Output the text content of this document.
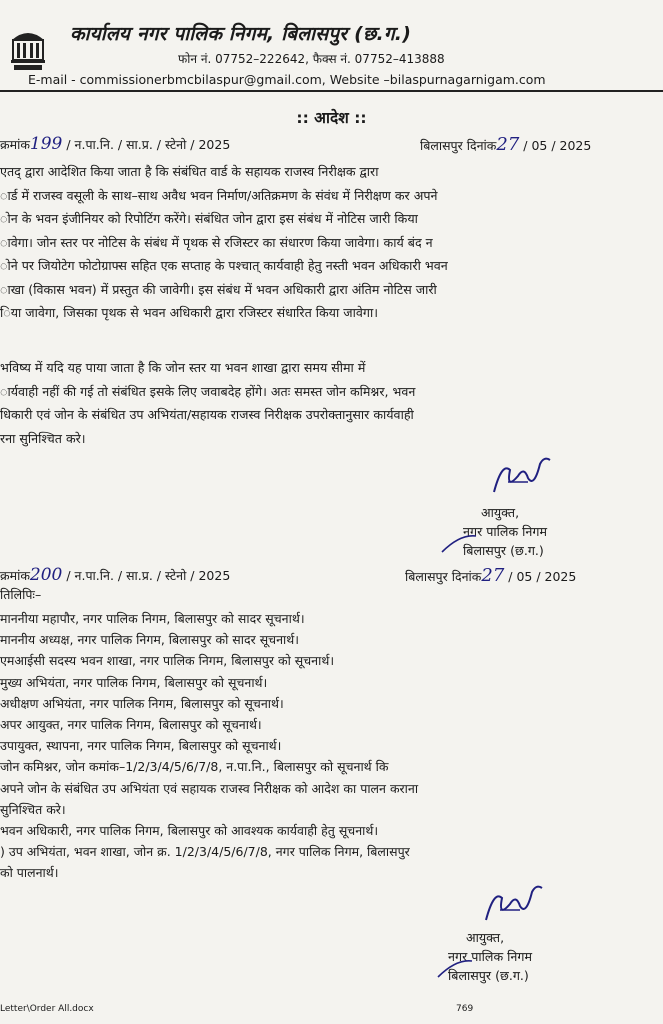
कार्यालय नगर पालिक निगम, बिलासपुर (छ.ग.)
फोन नं. 07752–222642, फैक्स नं. 07752–413888
E-mail - commissionerbmcbilaspur@gmail.com, Website –bilaspurnagarnigam.com
:: आदेश ::
क्रमांक199 / न.पा.नि. / सा.प्र. / स्टेनो / 2025	बिलासपुर दिनांक27 / 05 / 2025
एतद् द्वारा आदेशित किया जाता है कि संबंधित वार्ड के सहायक राजस्व निरीक्षक द्वारा
ार्ड में राजस्व वसूली के साथ–साथ अवैध भवन निर्माण/अतिक्रमण के संवंध में निरीक्षण कर अपने
ोन के भवन इंजीनियर को रिपोटिंग करेंगे। संबंधित जोन द्वारा इस संबंध में नोटिस जारी किया
ावेगा। जोन स्तर पर नोटिस के संबंध में पृथक से रजिस्टर का संधारण किया जावेगा। कार्य बंद न
ोने पर जियोटेग फोटोग्राफ्स सहित एक सप्ताह के पश्चात् कार्यवाही हेतु नस्ती भवन अधिकारी भवन
ाखा (विकास भवन) में प्रस्तुत की जावेगी। इस संबंध में भवन अधिकारी द्वारा अंतिम नोटिस जारी
िया जावेगा, जिसका पृथक से भवन अधिकारी द्वारा रजिस्टर संधारित किया जावेगा।
भविष्य में यदि यह पाया जाता है कि जोन स्तर या भवन शाखा द्वारा समय सीमा में
ार्यवाही नहीं की गई तो संबंधित इसके लिए जवाबदेह होंगे। अतः समस्त जोन कमिश्नर, भवन
धिकारी एवं जोन के संबंधित उप अभियंता/सहायक राजस्व निरीक्षक उपरोक्तानुसार कार्यवाही
रना सुनिश्चित करे।
आयुक्त,
नगर पालिक निगम
बिलासपुर (छ.ग.)
क्रमांक200 / न.पा.नि. / सा.प्र. / स्टेनो / 2025	बिलासपुर दिनांक27 / 05 / 2025
तिलिपिः–
माननीया महापौर, नगर पालिक निगम, बिलासपुर को सादर सूचनार्थ।
माननीय अध्यक्ष, नगर पालिक निगम, बिलासपुर को सादर सूचनार्थ।
एमआईसी सदस्य भवन शाखा, नगर पालिक निगम, बिलासपुर को सूचनार्थ।
मुख्य अभियंता, नगर पालिक निगम, बिलासपुर को सूचनार्थ।
अधीक्षण अभियंता, नगर पालिक निगम, बिलासपुर को सूचनार्थ।
अपर आयुक्त, नगर पालिक निगम, बिलासपुर को सूचनार्थ।
उपायुक्त, स्थापना, नगर पालिक निगम, बिलासपुर को सूचनार्थ।
जोन कमिश्नर, जोन कमांक–1/2/3/4/5/6/7/8, न.पा.नि., बिलासपुर को सूचनार्थ कि
अपने जोन के संबंधित उप अभियंता एवं सहायक राजस्व निरीक्षक को आदेश का पालन कराना
सुनिश्चित करे।
भवन अधिकारी, नगर पालिक निगम, बिलासपुर को आवश्यक कार्यवाही हेतु सूचनार्थ।
) उप अभियंता, भवन शाखा, जोन क्र. 1/2/3/4/5/6/7/8, नगर पालिक निगम, बिलासपुर
को पालनार्थ।
आयुक्त,
नगर पालिक निगम
बिलासपुर (छ.ग.)
Letter\Order All.docx	769
